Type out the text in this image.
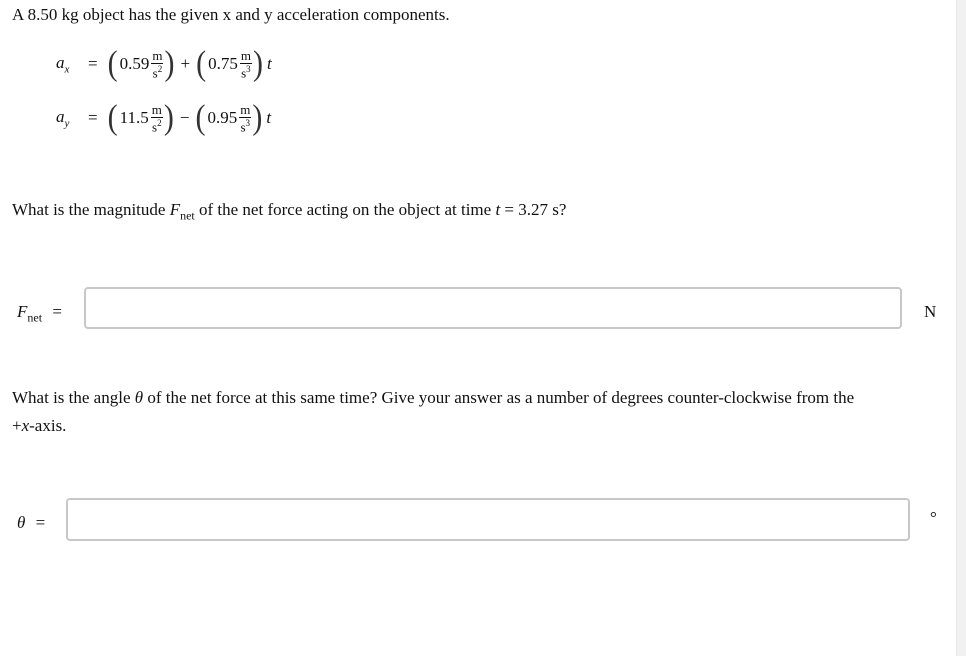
A 8.50 kg object has the given x and y acceleration components.
$a_x$	= ( $0.59 \frac{m}{s^2}$ ) + ( $0.75 \frac{m}{s^3}$ ) t
$a_y$	= ( $11.5 \frac{m}{s^2}$ ) − ( $0.95 \frac{m}{s^3}$ ) t
What is the magnitude $F_{net}$ of the net force acting on the object at time t = 3.27 s?
$F_{net}$ =	N
What is the angle θ of the net force at this same time? Give your answer as a number of degrees counter-clockwise from the
+x-axis.
θ =	°
